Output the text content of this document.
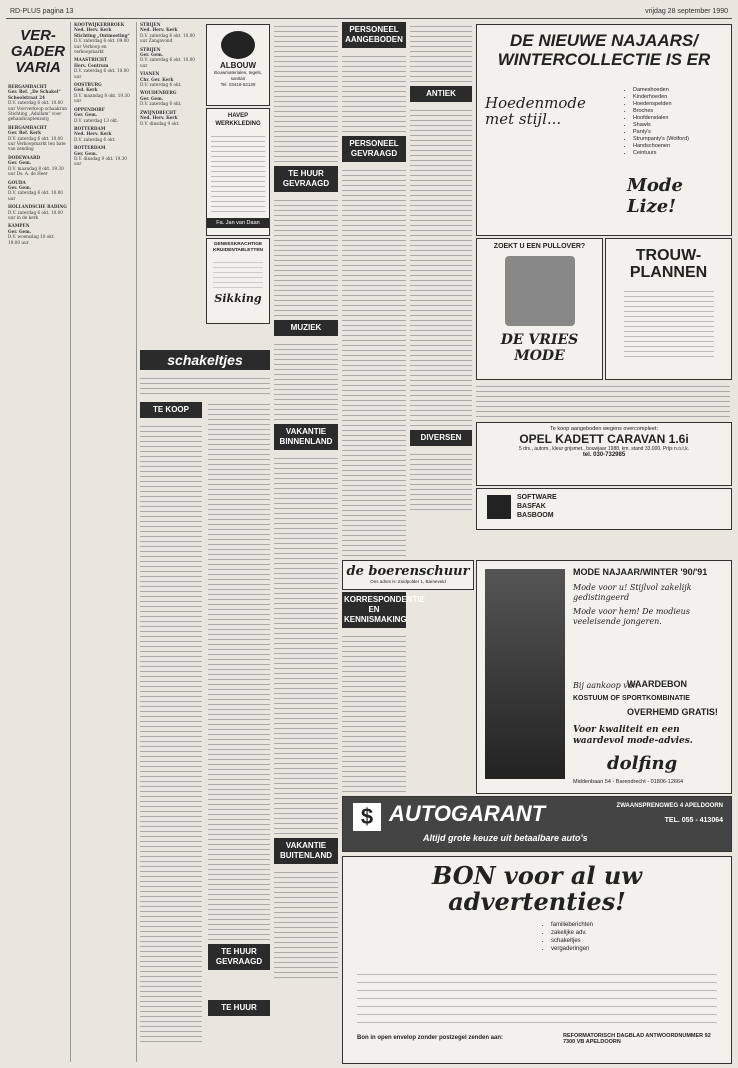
RD-PLUS pagina 13	vrijdag 28 september 1990
VER-GADER VARIA

BERGAMBACHT
Ger. Ref. „De Schakel“ Schoolstraat 24
D.V. zaterdag 6 okt. 10.00 uur Voorverkoop schaakrun Stichting „Adullam“ voor gehandicaptenzorg

BERGAMBACHT
Ger. Ref. Kerk
D.V. zaterdag 6 okt. 10.00 uur Verkoopmarkt ten bate van zending

DODEWAARD
Ger. Gem.
D.V. maandag 8 okt. 19.30 uur Ds. A. de Heer

GOUDA
Ger. Gem.
D.V. zaterdag 6 okt. 10.00 uur

HOLLANDSCHE RADING
D.V. zaterdag 6 okt. 10.00 uur in de kerk

KAMPEN
Ger. Gem.
D.V. woensdag 10 okt. 19.00 uur

KOOTWIJKERBROEK
Ned. Herv. Kerk Stichting „Ontmoeting“
D.V. zaterdag 6 okt. 09.00 uur Verkoop en verkoopmarkt

MAASTRICHT
Herv. Centrum
D.V. zaterdag 6 okt. 10.00 uur

OOSTBURG
Ged. Kerk
D.V. maandag 8 okt. 19.30 uur

OPPENDORF
Ger. Gem.
D.V. zaterdag 13 okt.

ROTTERDAM
Ned. Herv. Kerk
D.V. zaterdag 6 okt.

ROTTERDAM
Ger. Gem.
D.V. dinsdag 9 okt. 19.30 uur

STRIJEN
Ned. Herv. Kerk
D.V. zaterdag 6 okt. 10.00 uur Zangavond

STRIJEN
Ger. Gem.
D.V. zaterdag 6 okt. 10.00 uur

VIANEN
Chr. Ger. Kerk
D.V. zaterdag 6 okt.

WOUDENBERG
Ger. Gem.
D.V. zaterdag 6 okt.

ZWIJNDRECHT
Ned. Herv. Kerk
D.V. dinsdag 9 okt.

ALBOUW
Bouwmaterialen, tegels, sanitair
Tel. 03418-52130
HAVEP WERKKLEDING
Fa. Jan van Daan
GENEESKRACHTIGE KRUIDENTABLETTEN
Sikking
schakeltjes
TE KOOP
TE HUUR GEVRAAGD
TE HUUR
TE HUUR GEVRAAGD
MUZIEK
VAKANTIE BINNENLAND
VAKANTIE BUITENLAND
PERSONEEL AANGEBODEN
PERSONEEL GEVRAAGD
ANTIEK
DIVERSEN
de boerenschuur
Ons adres is: Zuidpolder 1, Barneveld
KORRESPONDENTIE EN KENNISMAKING
DE NIEUWE NAJAARS/ WINTERCOLLECTIE IS ER
Hoedenmode met stijl...
• Dameshoeden
• Kinderhoeden
• Hoedenspelden
• Broches
• Hoofdenstalen
• Shawls
• Panty's
• Strumpanty's (Wolford)
• Handschoenen
• Ceintuurs
Mode Lize!
ZOEKT U EEN PULLOVER?
DE VRIES MODE
TROUW-PLANNEN
Te koop aangeboden wegens overcompleet:
OPEL KADETT CARAVAN 1.6i
5 drs., autom., kleur grijsmet., bouwjaar 1988, km. stand 33.000. Prijs n.o.t.k.
tel. 030-732985
SOFTWARE
BASFAK
BASBOOM
MODE NAJAAR/WINTER '90/'91
Mode voor u! Stijlvol zakelijk gedistingeerd
Mode voor hem! De modieus veeleisende jongeren.
Bij aankoop van
WAARDEBON
KOSTUUM OF SPORTKOMBINATIE
OVERHEMD GRATIS!
Voor kwaliteit en een waardevol mode-advies.
dolfing
Middenbaan 54 - Barendrecht - 01806-12664
$ AUTOGARANT	ZWAANSPRENGWEG 4 APELDOORN
TEL. 055 - 413064
Altijd grote keuze uit betaalbare auto's
BON voor al uw advertenties!
• familieberichten
• zakelijke adv.
• schakeltjes
• vergaderingen
Bon in open envelop zonder postzegel zenden aan:	REFORMATORISCH DAGBLAD ANTWOORDNUMMER 92 7300 VB APELDOORN
